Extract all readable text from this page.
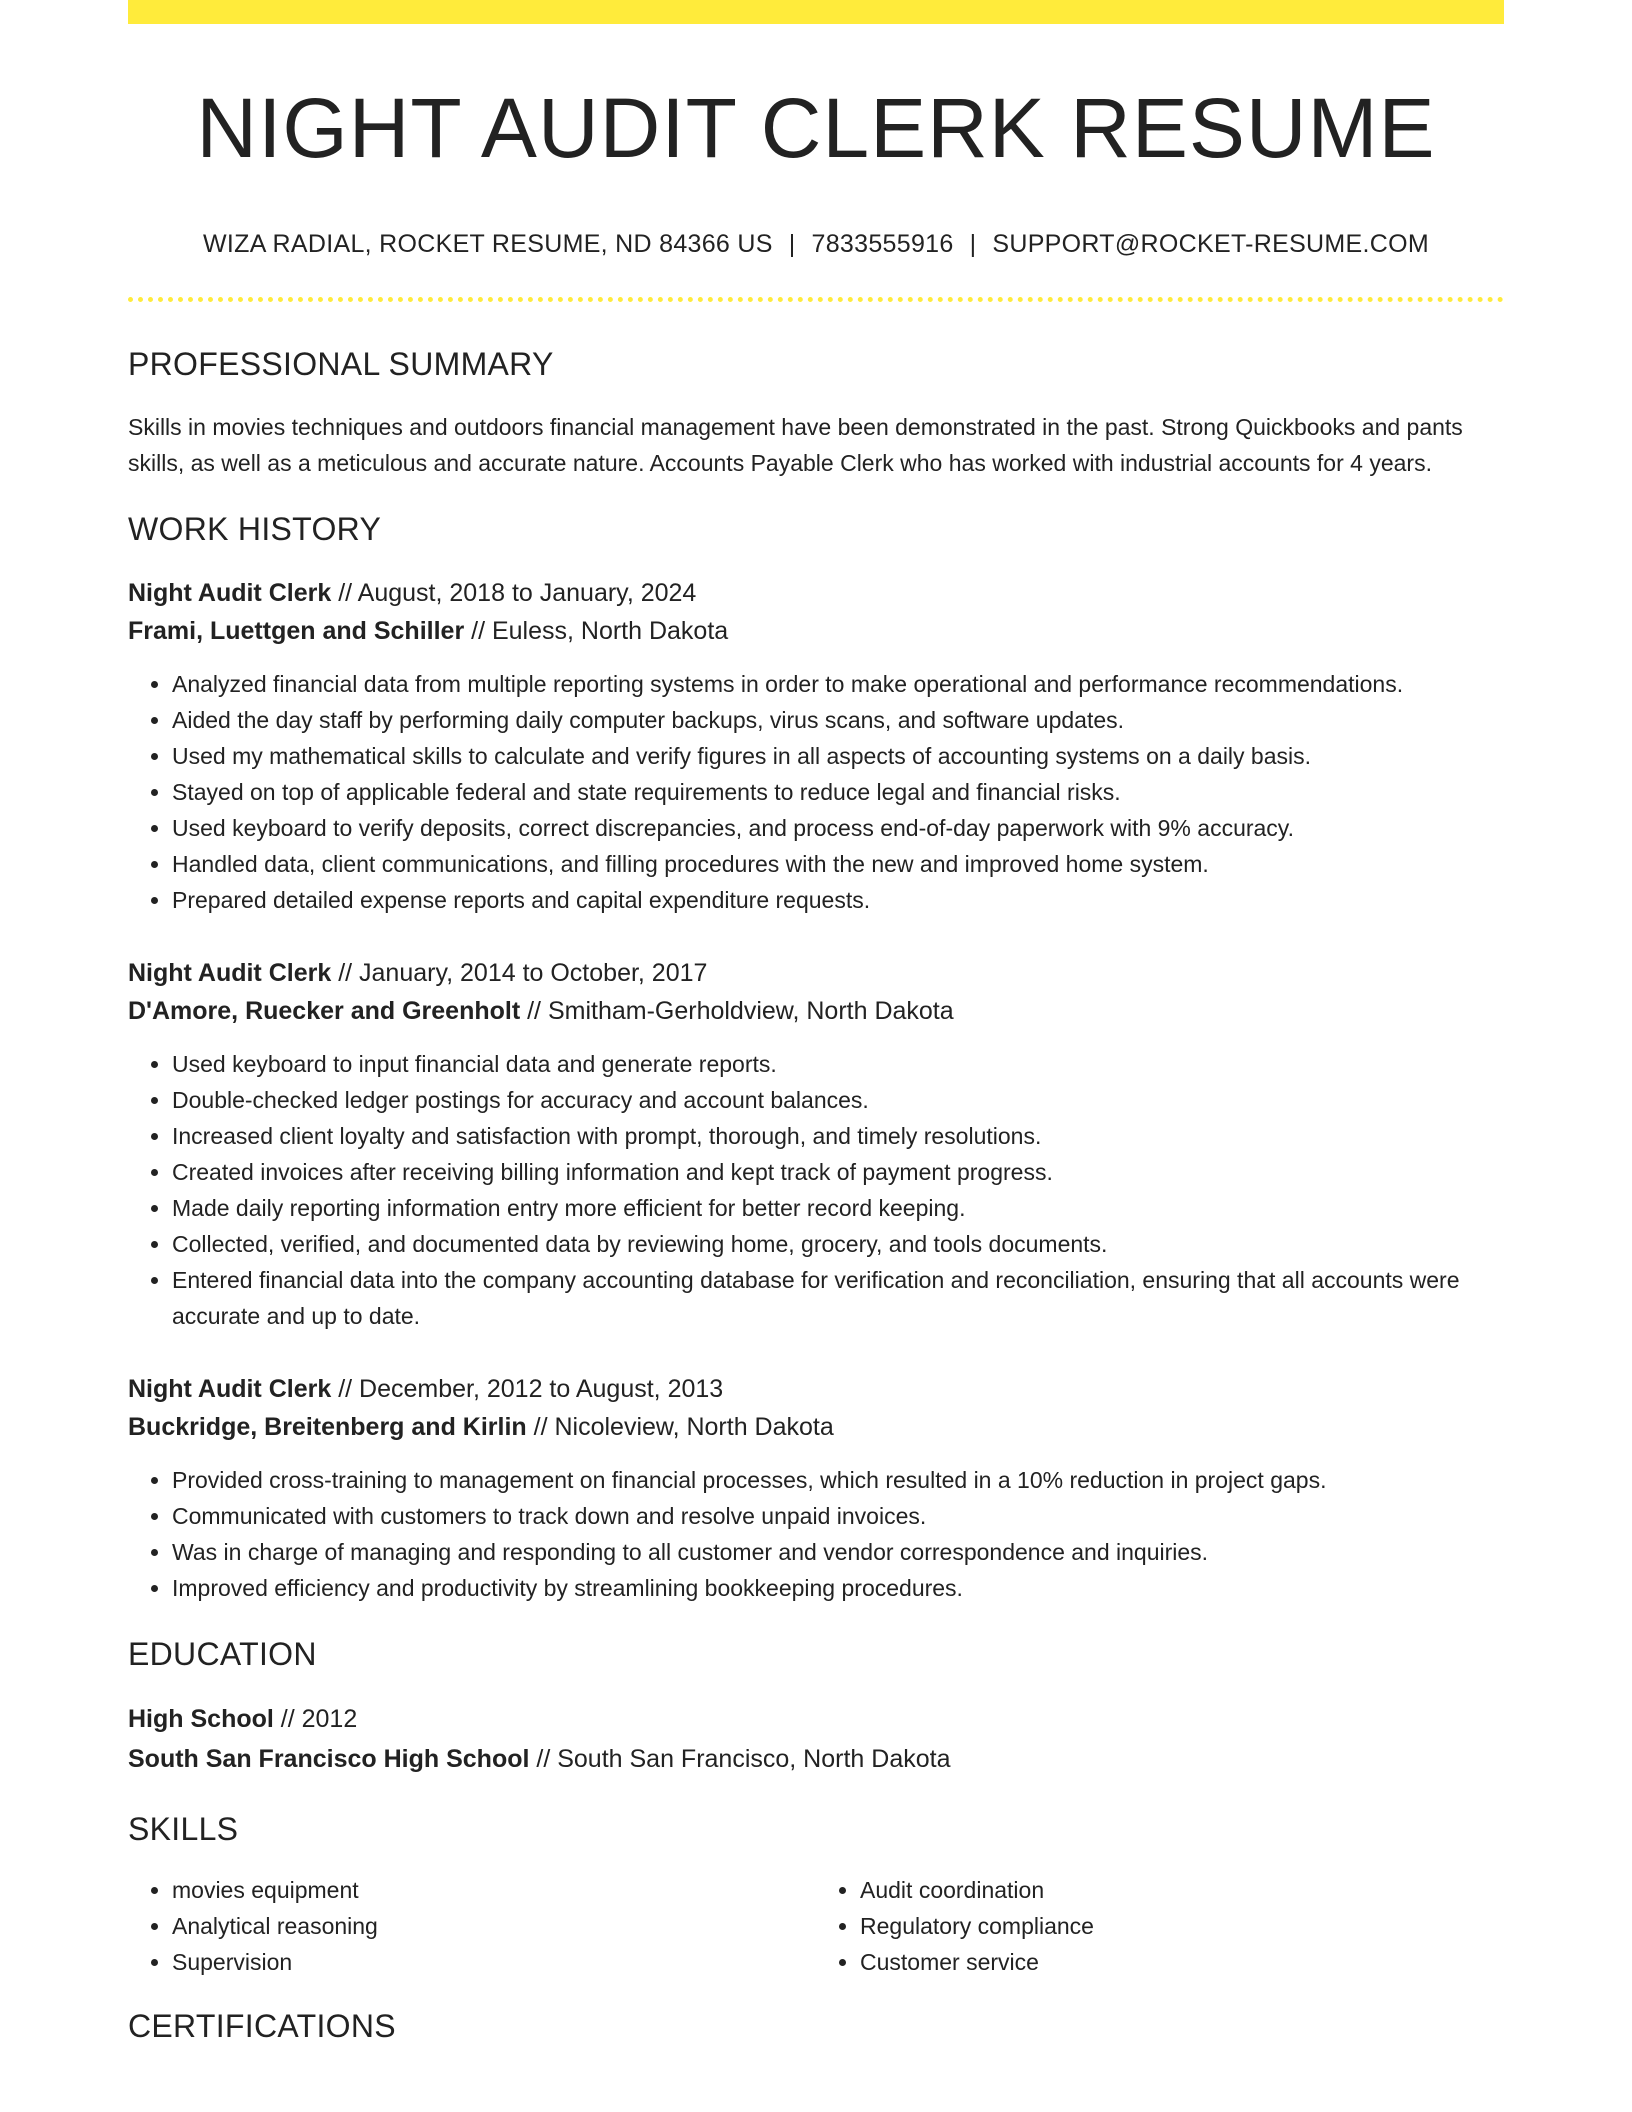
NIGHT AUDIT CLERK RESUME
WIZA RADIAL, ROCKET RESUME, ND 84366 US | 7833555916 | SUPPORT@ROCKET-RESUME.COM
PROFESSIONAL SUMMARY

Skills in movies techniques and outdoors financial management have been demonstrated in the past. Strong Quickbooks and pants skills, as well as a meticulous and accurate nature. Accounts Payable Clerk who has worked with industrial accounts for 4 years.

WORK HISTORY
Night Audit Clerk // August, 2018 to January, 2024
Frami, Luettgen and Schiller // Euless, North Dakota
• Analyzed financial data from multiple reporting systems in order to make operational and performance recommendations.
• Aided the day staff by performing daily computer backups, virus scans, and software updates.
• Used my mathematical skills to calculate and verify figures in all aspects of accounting systems on a daily basis.
• Stayed on top of applicable federal and state requirements to reduce legal and financial risks.
• Used keyboard to verify deposits, correct discrepancies, and process end-of-day paperwork with 9% accuracy.
• Handled data, client communications, and filling procedures with the new and improved home system.
• Prepared detailed expense reports and capital expenditure requests.
Night Audit Clerk // January, 2014 to October, 2017
D'Amore, Ruecker and Greenholt // Smitham-Gerholdview, North Dakota
• Used keyboard to input financial data and generate reports.
• Double-checked ledger postings for accuracy and account balances.
• Increased client loyalty and satisfaction with prompt, thorough, and timely resolutions.
• Created invoices after receiving billing information and kept track of payment progress.
• Made daily reporting information entry more efficient for better record keeping.
• Collected, verified, and documented data by reviewing home, grocery, and tools documents.
• Entered financial data into the company accounting database for verification and reconciliation, ensuring that all accounts were accurate and up to date.
Night Audit Clerk // December, 2012 to August, 2013
Buckridge, Breitenberg and Kirlin // Nicoleview, North Dakota
• Provided cross-training to management on financial processes, which resulted in a 10% reduction in project gaps.
• Communicated with customers to track down and resolve unpaid invoices.
• Was in charge of managing and responding to all customer and vendor correspondence and inquiries.
• Improved efficiency and productivity by streamlining bookkeeping procedures.
EDUCATION
High School // 2012
South San Francisco High School // South San Francisco, North Dakota
SKILLS
• movies equipment
• Analytical reasoning
• Supervision
• Audit coordination
• Regulatory compliance
• Customer service
CERTIFICATIONS
